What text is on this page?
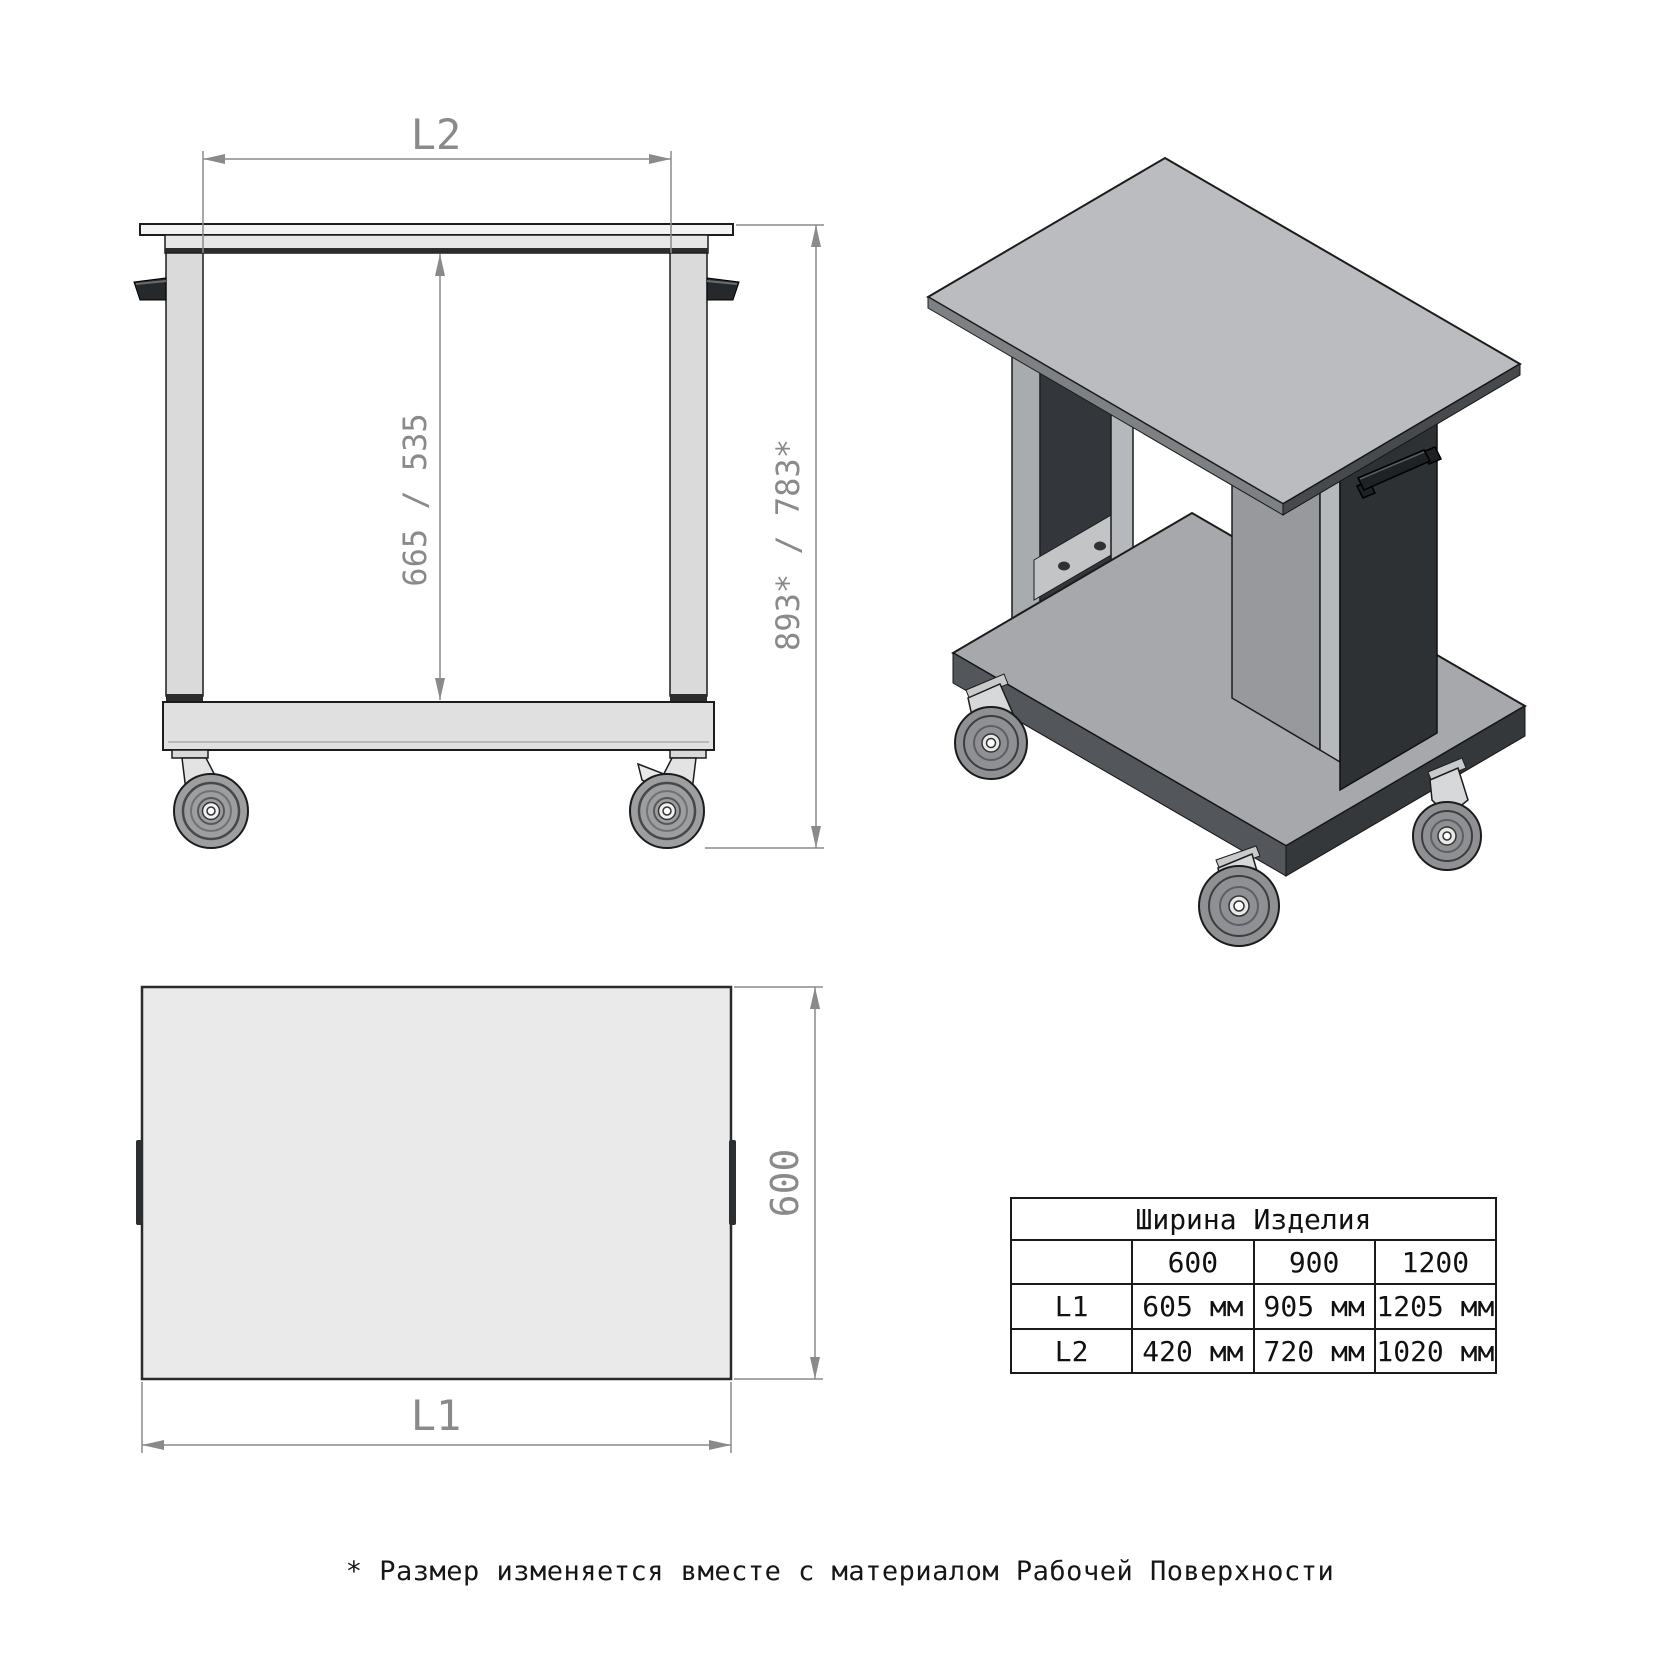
L2
665 / 535	893* / 783*
600
L1
Ширина Изделия			
	600	900	1200
L1	605 мм	905 мм	1205 мм
L2	420 мм	720 мм	1020 мм
* Размер изменяется вместе с материалом Рабочей Поверхности
